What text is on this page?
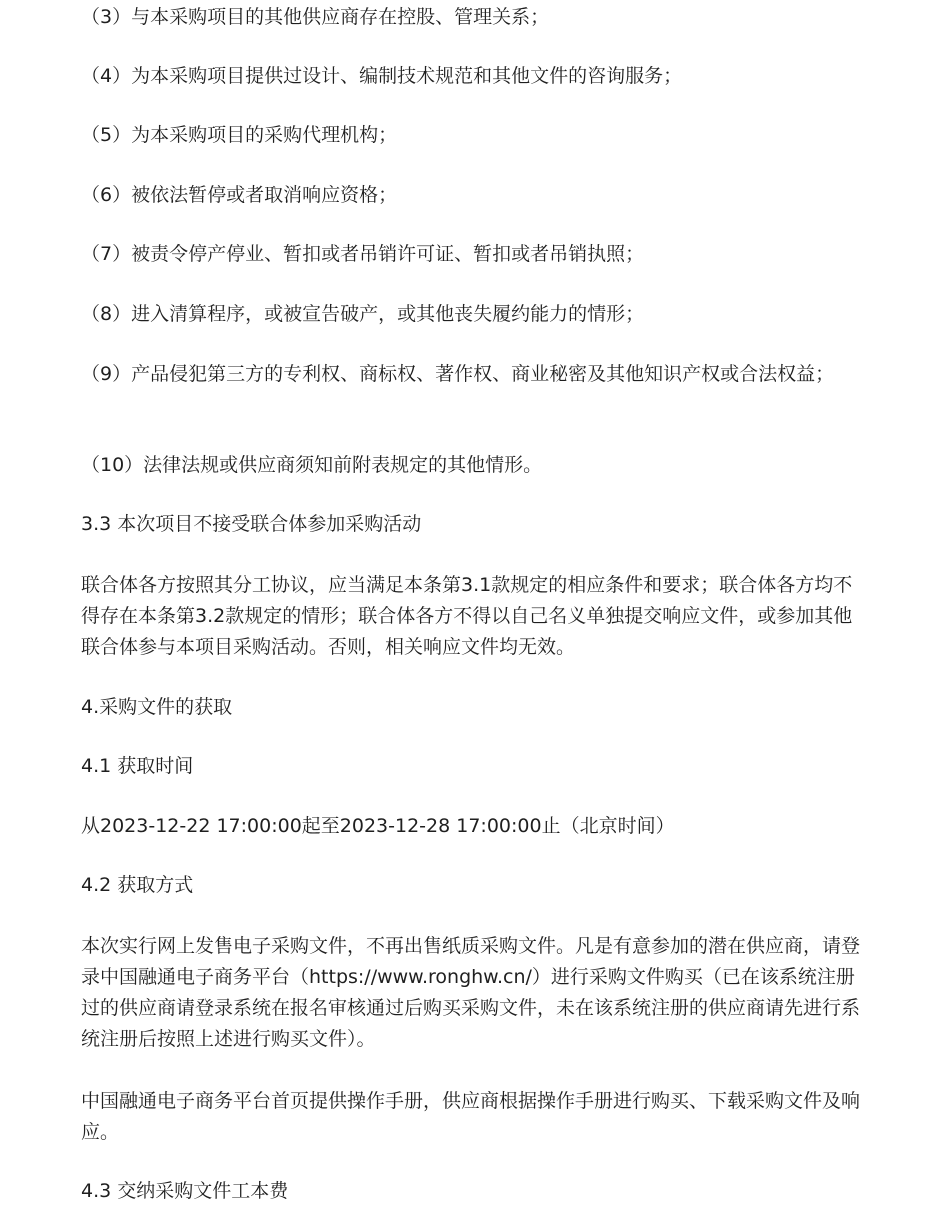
（3）与本采购项目的其他供应商存在控股、管理关系；

（4）为本采购项目提供过设计、编制技术规范和其他文件的咨询服务；

（5）为本采购项目的采购代理机构；

（6）被依法暂停或者取消响应资格；

（7）被责令停产停业、暂扣或者吊销许可证、暂扣或者吊销执照；

（8）进入清算程序，或被宣告破产，或其他丧失履约能力的情形；

（9）产品侵犯第三方的专利权、商标权、著作权、商业秘密及其他知识产权或合法权益；

（10）法律法规或供应商须知前附表规定的其他情形。

3.3 本次项目不接受联合体参加采购活动

联合体各方按照其分工协议，应当满足本条第3.1款规定的相应条件和要求；联合体各方均不得存在本条第3.2款规定的情形；联合体各方不得以自己名义单独提交响应文件，或参加其他联合体参与本项目采购活动。否则，相关响应文件均无效。

4.采购文件的获取

4.1 获取时间

从2023-12-22 17:00:00起至2023-12-28 17:00:00止（北京时间）

4.2 获取方式

本次实行网上发售电子采购文件，不再出售纸质采购文件。凡是有意参加的潜在供应商，请登录中国融通电子商务平台（https://www.ronghw.cn/）进行采购文件购买（已在该系统注册过的供应商请登录系统在报名审核通过后购买采购文件，未在该系统注册的供应商请先进行系统注册后按照上述进行购买文件）。

中国融通电子商务平台首页提供操作手册，供应商根据操作手册进行购买、下载采购文件及响应。

4.3 交纳采购文件工本费
